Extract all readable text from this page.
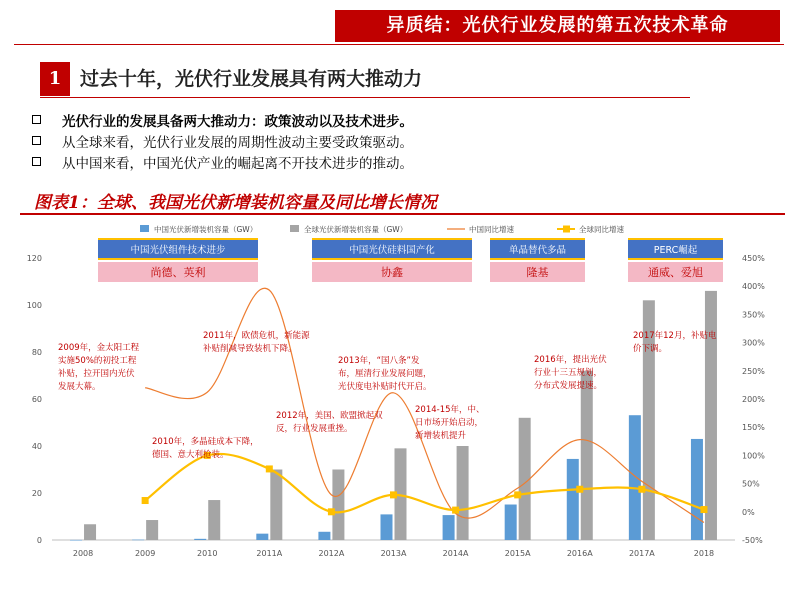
异质结：光伏行业发展的第五次技术革命
1 过去十年，光伏行业发展具有两大推动力
光伏行业的发展具备两大推动力：政策波动以及技术进步。
从全球来看，光伏行业发展的周期性波动主要受政策驱动。
从中国来看，中国光伏产业的崛起离不开技术进步的推动。
图表1：全球、我国光伏新增装机容量及同比增长情况
0
20
40
60
80
100
120
-50%
0%
50%
100%
150%
200%
250%
300%
350%
400%
450%
2008	2009	2010	2011A	2012A	2013A	2014A	2015A	2016A	2017A	2018
中国光伏新增装机容量（GW）	全球光伏新增装机容量（GW）	中国同比增速	全球同比增速
中国光伏组件技术进步
尚德、英利
中国光伏硅料国产化
协鑫
单晶替代多晶
隆基
PERC崛起
通威、爱旭
2009年，金太阳工程
实施50%的初投工程
补贴，拉开国内光伏
发展大幕。
2010年，多晶硅成本下降，
德国、意大利抢装。
2011年，欧债危机，新能源
补贴削减导致装机下降。
2012年，美国、欧盟掀起双
反，行业发展重挫。
2013年，“国八条”发
布，厘清行业发展问题，
光伏度电补贴时代开启。
2014-15年，中、
日市场开始启动，
新增装机提升
2016年，提出光伏
行业十三五规划，
分布式发展提速。
2017年12月，补贴电
价下调。
